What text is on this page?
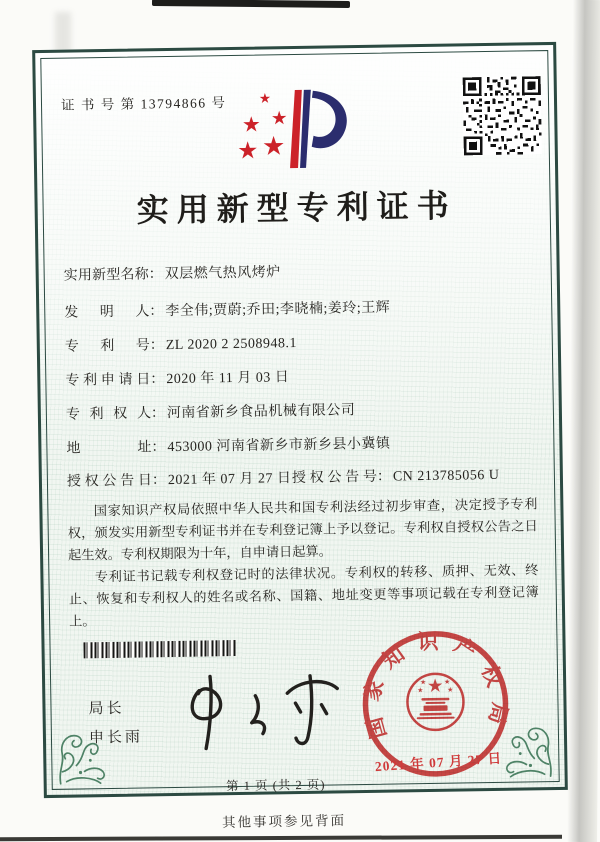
证 书 号 第 13794866 号
实用新型专利证书
实用新型名称： 双层燃气热风烤炉
发明人： 李全伟;贾蔚;乔田;李晓楠;姜玲;王辉
专利号： ZL 2020 2 2508948.1
专利申请日： 2020 年 11 月 03 日
专利权人： 河南省新乡食品机械有限公司
地址： 453000 河南省新乡市新乡县小冀镇
授权公告日： 2021 年 07 月 27 日 授权公告号： CN 213785056 U

国家知识产权局依照中华人民共和国专利法经过初步审查，决定授予专利权，颁发实用新型专利证书并在专利登记簿上予以登记。专利权自授权公告之日起生效。专利权期限为十年，自申请日起算。

专利证书记载专利权登记时的法律状况。专利权的转移、质押、无效、终止、恢复和专利权人的姓名或名称、国籍、地址变更等事项记载在专利登记簿上。

局长
申长雨	国家知识产权局
2021 年 07 月 27 日
第 1 页 (共 2 页)
其他事项参见背面
